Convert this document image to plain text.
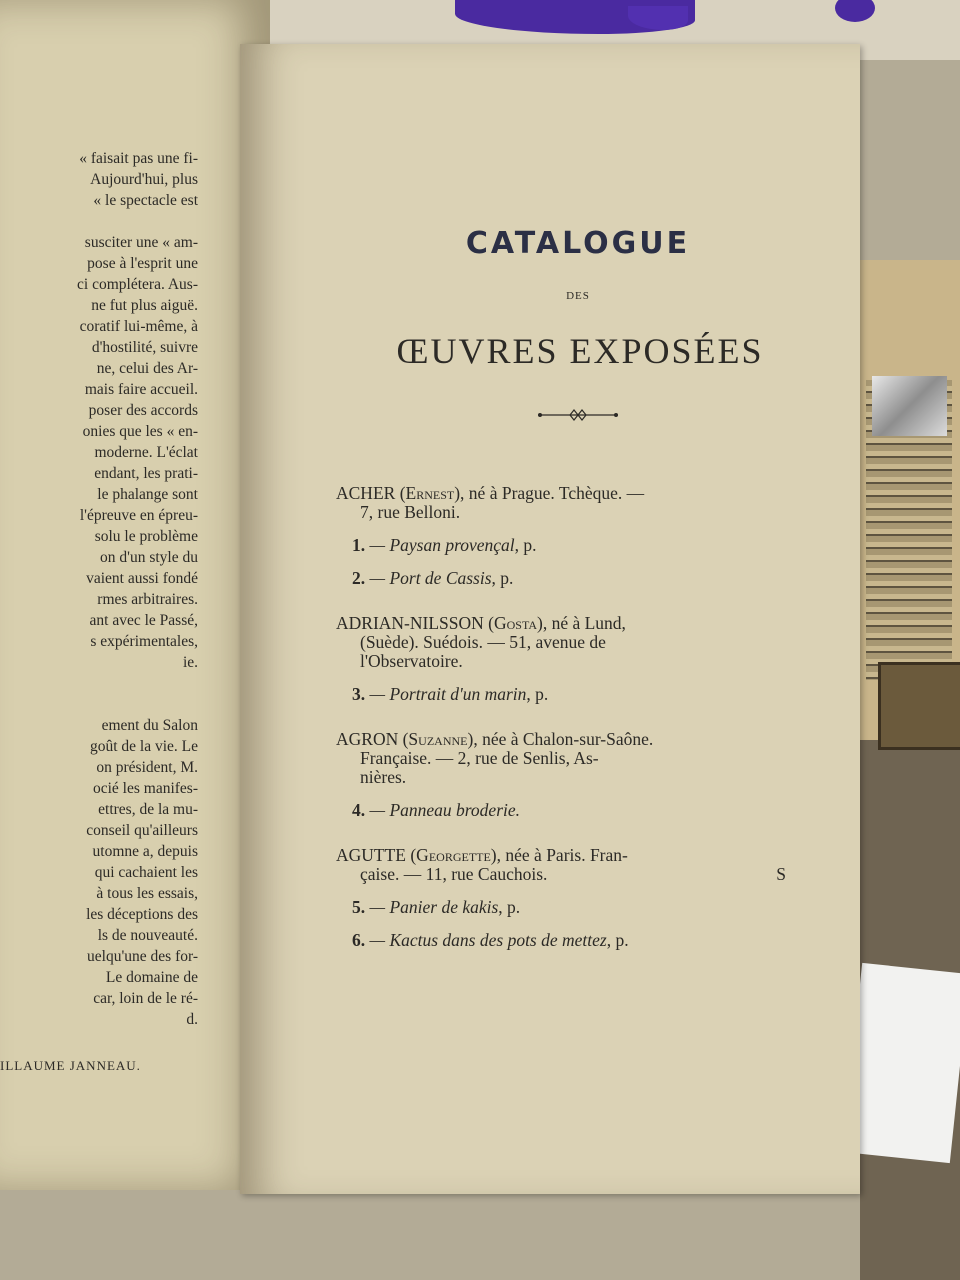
« faisait pas une fi-
Aujourd'hui, plus
« le spectacle est
susciter une « am-
pose à l'esprit une
ci complétera. Aus-
ne fut plus aiguë.
coratif lui-même, à
d'hostilité, suivre
ne, celui des Ar-
mais faire accueil.
poser des accords
onies que les « en-
moderne. L'éclat
endant, les prati-
le phalange sont
l'épreuve en épreu-
solu le problème
on d'un style du
vaient aussi fondé
rmes arbitraires.
ant avec le Passé,
s expérimentales,
ie.
ement du Salon
goût de la vie. Le
on président, M.
ocié les manifes-
ettres, de la mu-
conseil qu'ailleurs
utomne a, depuis
qui cachaient les
à tous les essais,
les déceptions des
ls de nouveauté.
uelqu'une des for-
Le domaine de
car, loin de le ré-
d.
ILLAUME JANNEAU.
CATALOGUE
DES
ŒUVRES EXPOSÉES

ACHER (Ernest), né à Prague. Tchèque. —
7, rue Belloni.

1. — Paysan provençal, p.

2. — Port de Cassis, p.

ADRIAN-NILSSON (Gosta), né à Lund,
(Suède). Suédois. — 51, avenue de
l'Observatoire.

3. — Portrait d'un marin, p.

AGRON (Suzanne), née à Chalon-sur-Saône.
Française. — 2, rue de Senlis, As-
nières.

4. — Panneau broderie.

AGUTTE (Georgette), née à Paris. Fran-
çaise. — 11, rue Cauchois.	S

5. — Panier de kakis, p.

6. — Kactus dans des pots de mettez, p.
